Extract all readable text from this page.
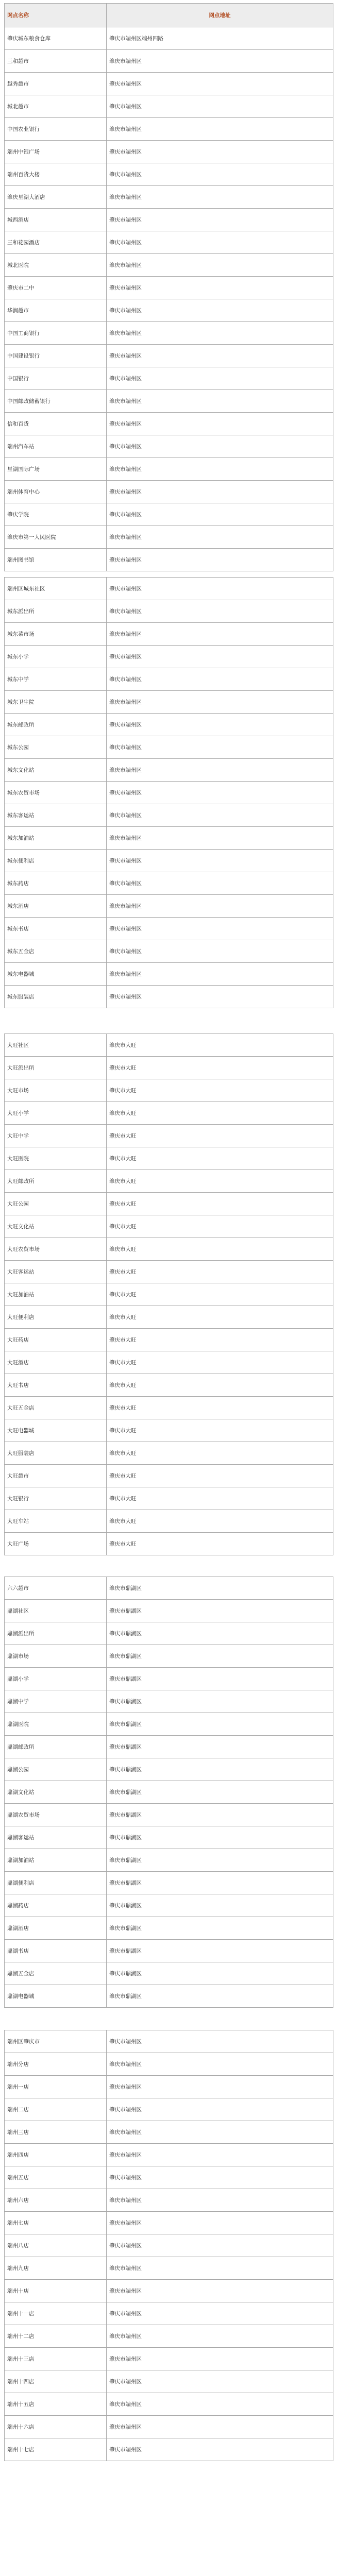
网点名称	网点地址
肇庆城东粮食仓库	肇庆市端州区端州四路
三和超市	肇庆市端州区
越秀超市	肇庆市端州区
城北超市	肇庆市端州区
中国农业银行	肇庆市端州区
端州中银广场	肇庆市端州区
端州百货大楼	肇庆市端州区
肇庆星湖大酒店	肇庆市端州区
城西酒店	肇庆市端州区
三和花园酒店	肇庆市端州区
城北医院	肇庆市端州区
肇庆市二中	肇庆市端州区
华润超市	肇庆市端州区
中国工商银行	肇庆市端州区
中国建设银行	肇庆市端州区
中国银行	肇庆市端州区
中国邮政储蓄银行	肇庆市端州区
信和百货	肇庆市端州区
端州汽车站	肇庆市端州区
星湖国际广场	肇庆市端州区
端州体育中心	肇庆市端州区
肇庆学院	肇庆市端州区
肇庆市第一人民医院	肇庆市端州区
端州图书馆	肇庆市端州区
端州区城东社区	肇庆市端州区
城东派出所	肇庆市端州区
城东菜市场	肇庆市端州区
城东小学	肇庆市端州区
城东中学	肇庆市端州区
城东卫生院	肇庆市端州区
城东邮政所	肇庆市端州区
城东公园	肇庆市端州区
城东文化站	肇庆市端州区
城东农贸市场	肇庆市端州区
城东客运站	肇庆市端州区
城东加油站	肇庆市端州区
城东便利店	肇庆市端州区
城东药店	肇庆市端州区
城东酒店	肇庆市端州区
城东书店	肇庆市端州区
城东五金店	肇庆市端州区
城东电器城	肇庆市端州区
城东服装店	肇庆市端州区
大旺社区	肇庆市大旺
大旺派出所	肇庆市大旺
大旺市场	肇庆市大旺
大旺小学	肇庆市大旺
大旺中学	肇庆市大旺
大旺医院	肇庆市大旺
大旺邮政所	肇庆市大旺
大旺公园	肇庆市大旺
大旺文化站	肇庆市大旺
大旺农贸市场	肇庆市大旺
大旺客运站	肇庆市大旺
大旺加油站	肇庆市大旺
大旺便利店	肇庆市大旺
大旺药店	肇庆市大旺
大旺酒店	肇庆市大旺
大旺书店	肇庆市大旺
大旺五金店	肇庆市大旺
大旺电器城	肇庆市大旺
大旺服装店	肇庆市大旺
大旺超市	肇庆市大旺
大旺银行	肇庆市大旺
大旺车站	肇庆市大旺
大旺广场	肇庆市大旺
六六超市	肇庆市鼎湖区
鼎湖社区	肇庆市鼎湖区
鼎湖派出所	肇庆市鼎湖区
鼎湖市场	肇庆市鼎湖区
鼎湖小学	肇庆市鼎湖区
鼎湖中学	肇庆市鼎湖区
鼎湖医院	肇庆市鼎湖区
鼎湖邮政所	肇庆市鼎湖区
鼎湖公园	肇庆市鼎湖区
鼎湖文化站	肇庆市鼎湖区
鼎湖农贸市场	肇庆市鼎湖区
鼎湖客运站	肇庆市鼎湖区
鼎湖加油站	肇庆市鼎湖区
鼎湖便利店	肇庆市鼎湖区
鼎湖药店	肇庆市鼎湖区
鼎湖酒店	肇庆市鼎湖区
鼎湖书店	肇庆市鼎湖区
鼎湖五金店	肇庆市鼎湖区
鼎湖电器城	肇庆市鼎湖区
端州区肇庆市	肇庆市端州区
端州分店	肇庆市端州区
端州一店	肇庆市端州区
端州二店	肇庆市端州区
端州三店	肇庆市端州区
端州四店	肇庆市端州区
端州五店	肇庆市端州区
端州六店	肇庆市端州区
端州七店	肇庆市端州区
端州八店	肇庆市端州区
端州九店	肇庆市端州区
端州十店	肇庆市端州区
端州十一店	肇庆市端州区
端州十二店	肇庆市端州区
端州十三店	肇庆市端州区
端州十四店	肇庆市端州区
端州十五店	肇庆市端州区
端州十六店	肇庆市端州区
端州十七店	肇庆市端州区
